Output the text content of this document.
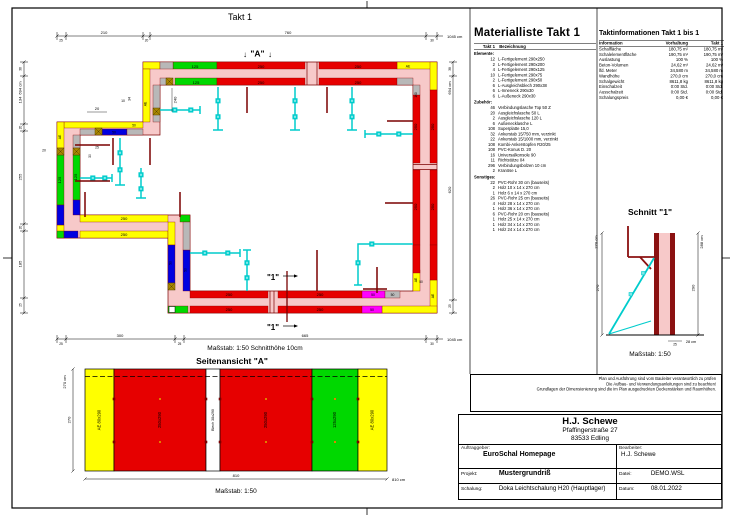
Takt 1
125	250	250
125	250	250
250	250
250	250
250
250
50
50
50	50
50
AE
50
250
250
250
250
AE
AE
125	125
50
50
AE
AE
160
20
10 34	240
25
30
20
↓ "A" ↓
"1"
"1"
25
210
20
760
30
1045 cm
25
300
25
665
30
1045 cm
38
694 cm
134
20
255
20
185
25
38
694 cm
620
25
Maßstab: 1:50 Schnitthöhe 10cm
Seitenansicht "A"
AE 80x290	250x290	Blech 38x290	250x290	125x290	AE 80x290
270 cm
270
810
810 cm
Maßstab: 1:50
Schnitt "1"
270 cm
270
288 cm
290
25
28 cm
Maßstab: 1:50
Materialliste Takt 1
Takt 1 Bezeichnung
Elemente:
12 L-Fertigelement 290x250
2 L-Fertigelement 290x200
4 L-Fertigelement 290x125
10 L-Fertigelement 290x75
2 L-Fertigelement 290x50
6 L-Ausgleichsblech 290x38
6 L-Inneneck 290x30
6 L-Außeneck 290x30
Zubehör:
46 Verbindungslasche Top 50 Z
20 Ausgleichslasche 50 L
2 Ausgleichslasche 120 L
6 Außenecklasche L
108 Superplatte 15,0
32 Ankerstab 15/750 mm, verzinkt
22 Ankerstab 15/1000 mm, verzinkt
108 Kombi-Ankerstopfen R20/25
108 PVC-Konus D. 20
16 Universalkonsole 90
11 Richtstütze 04
296 Verbindungsbolzen 10 cm
2 Kranöse L
Sonstiges:
22 PVC-Rohr 30 cm (bauseits)
2 Holz 10 x 14 x 270 cm
1 Holz 6 x 14 x 270 cm
26 PVC-Rohr 25 cm (bauseits)
4 Holz 28 x 14 x 270 cm
1 Holz 36 x 14 x 270 cm
6 PVC-Rohr 20 cm (bauseits)
1 Holz 25 x 14 x 270 cm
1 Holz 34 x 14 x 270 cm
1 Holz 24 x 14 x 270 cm
Taktinformationen Takt 1 bis 1
Information	Vorhaltung	Takt 1
Schalfläche	180,75 m²	180,75 m²
Schalelementfläche	190,75 m²	190,75 m²
Auslastung	100 %	100 %
Beton-Volumen	24,62 m³	24,62 m³
lfd. Meter	34,580 m	34,580 m
Wandhöhe	270,0 cm	270,0 cm
Schalgewicht	8611,8 kg	8611,8 kg
Einschalzeit	0:00 Std.	0:00 Std.
Ausschalzeit	0:00 Std.	0:00 Std.
Schalungspreis	0,00 €	0,00 €
Plan und Ausführung sind vom Bauleiter verantwortlich zu prüfen
Die Aufbau- und Verwendungsanleitungen sind zu beachten!
Grundlagen der Dimensionierung sind die im Plan ausgedruckten Deckenstärken und Raumhöhen.
H.J. Schewe
Pfaffingerstraße 27
83533 Edling
Auftraggeber:
EuroSchal Homepage
Bearbeiter:
H.J. Schewe
Projekt:	Mustergrundriß	Datei:	DEMO.WSL
Schalung:	Doka Leichtschalung H20 (Hauptlager)	Datum:	08.01.2022
